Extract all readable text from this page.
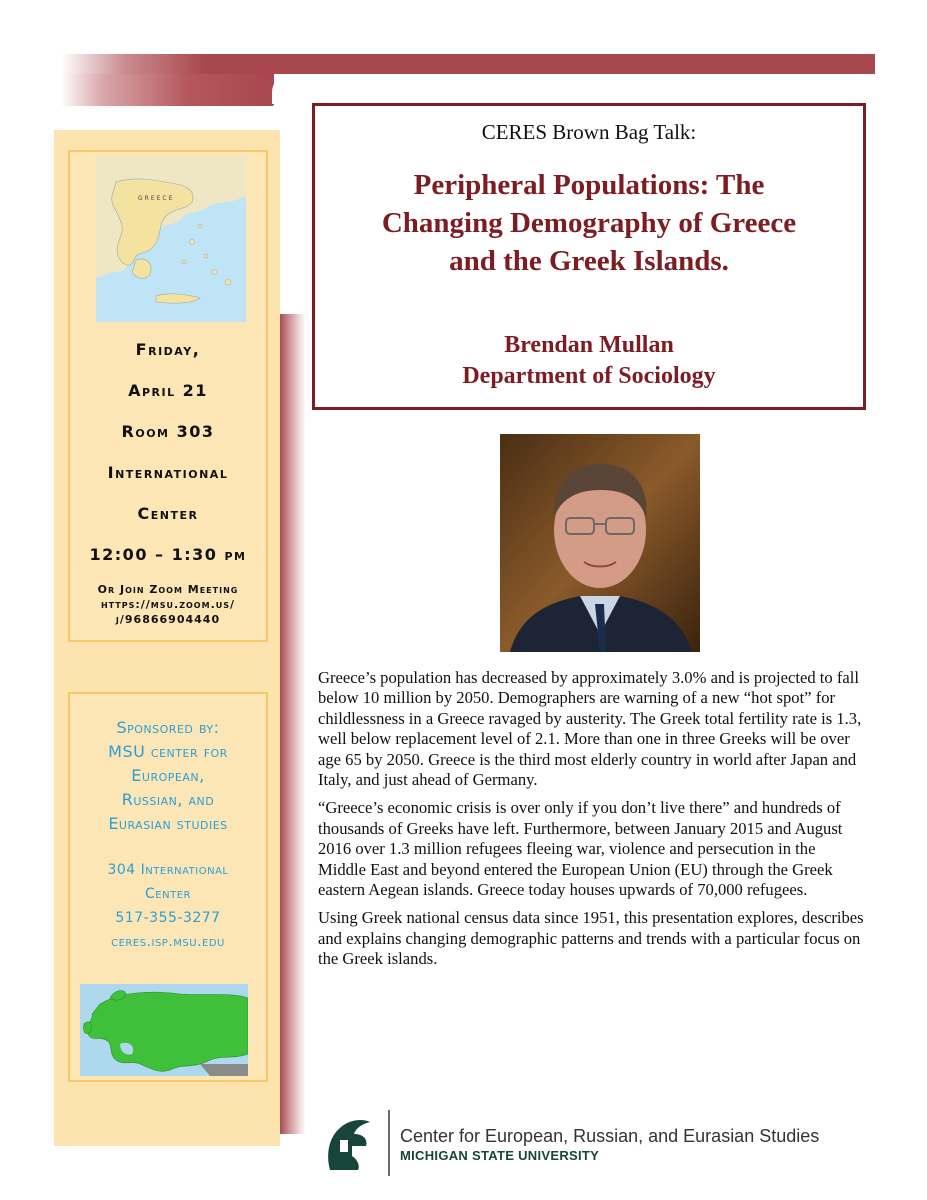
GREECE
Friday,
April 21
Room 303
International
Center
12:00 – 1:30 pm
Or Join Zoom Meeting
https://msu.zoom.us/
j/96866904440
Sponsored by:
MSU center for
European,
Russian, and
Eurasian studies
304 International
Center
517-355-3277
ceres.isp.msu.edu
CERES Brown Bag Talk:
Peripheral Populations: The
Changing Demography of Greece
and the Greek Islands.
Brendan Mullan
Department of Sociology

Greece’s population has decreased by approximately 3.0% and is projected to fall below 10 million by 2050. Demographers are warning of a new “hot spot” for childlessness in a Greece ravaged by austerity. The Greek total fertility rate is 1.3, well below replacement level of 2.1. More than one in three Greeks will be over age 65 by 2050. Greece is the third most elderly country in world after Japan and Italy, and just ahead of Germany.

“Greece’s economic crisis is over only if you don’t live there” and hundreds of thousands of Greeks have left. Furthermore, between January 2015 and August 2016 over 1.3 million refugees fleeing war, violence and persecution in the Middle East and beyond entered the European Union (EU) through the Greek eastern Aegean islands. Greece today houses upwards of 70,000 refugees.

Using Greek national census data since 1951, this presentation explores, describes and explains changing demographic patterns and trends with a particular focus on the Greek islands.

Center for European, Russian, and Eurasian Studies
MICHIGAN STATE UNIVERSITY
